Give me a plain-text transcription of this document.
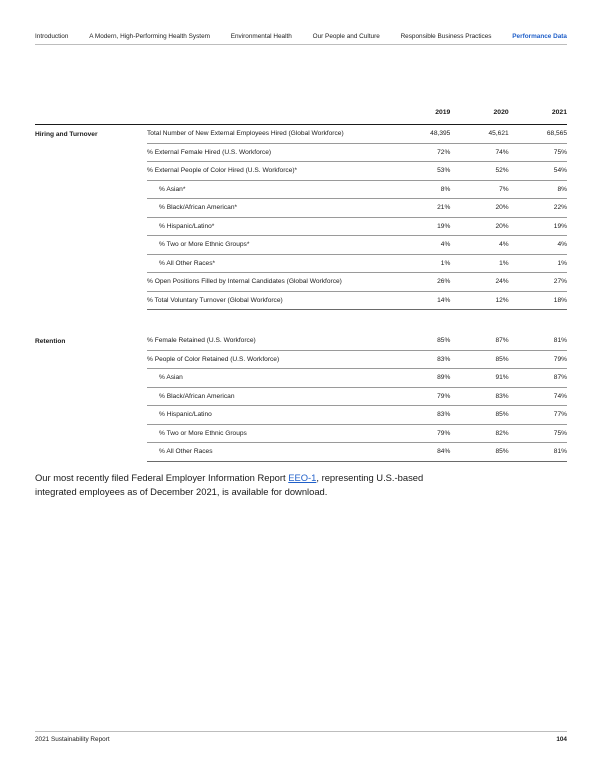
Introduction	A Modern, High-Performing Health System	Environmental Health	Our People and Culture	Responsible Business Practices	Performance Data
		2019	2020	2021
Hiring and Turnover	Total Number of New External Employees Hired (Global Workforce)	48,395	45,621	68,565
	% External Female Hired (U.S. Workforce)	72%	74%	75%
	% External People of Color Hired (U.S. Workforce)*	53%	52%	54%
	% Asian*	8%	7%	8%
	% Black/African American*	21%	20%	22%
	% Hispanic/Latino*	19%	20%	19%
	% Two or More Ethnic Groups*	4%	4%	4%
	% All Other Races*	1%	1%	1%
	% Open Positions Filled by Internal Candidates (Global Workforce)	26%	24%	27%
	% Total Voluntary Turnover (Global Workforce)	14%	12%	18%

Retention	% Female Retained (U.S. Workforce)	85%	87%	81%
	% People of Color Retained (U.S. Workforce)	83%	85%	79%
	% Asian	89%	91%	87%
	% Black/African American	79%	83%	74%
	% Hispanic/Latino	83%	85%	77%
	% Two or More Ethnic Groups	79%	82%	75%
	% All Other Races	84%	85%	81%

Our most recently filed Federal Employer Information Report EEO-1, representing U.S.-based integrated employees as of December 2021, is available for download.

2021 Sustainability Report	104
